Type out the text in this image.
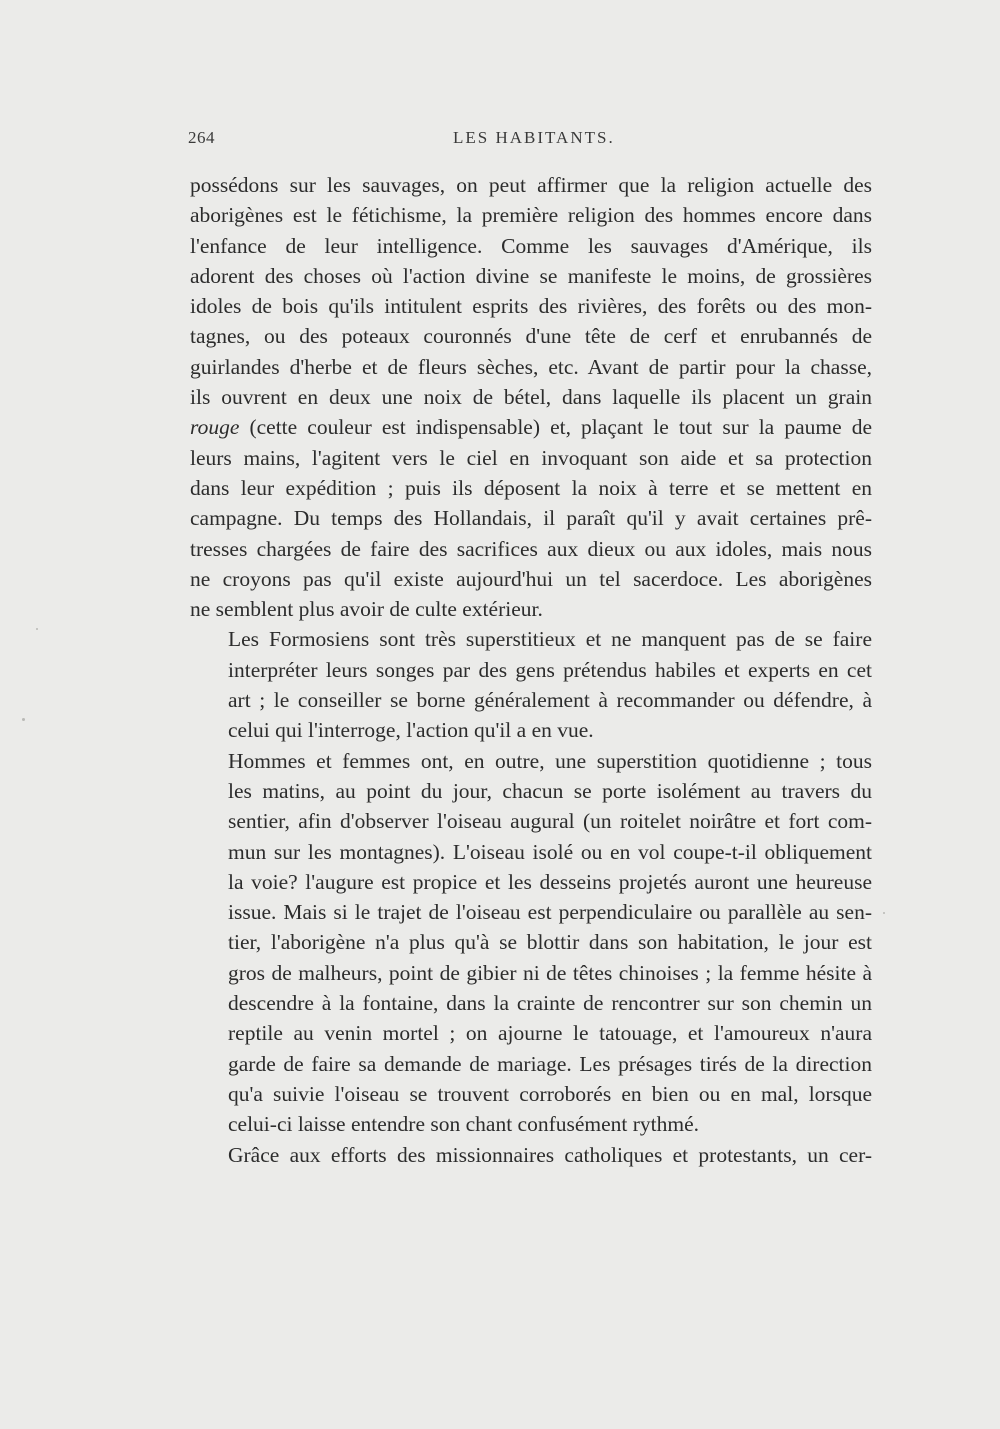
264	LES HABITANTS.

possédons sur les sauvages, on peut affirmer que la religion actuelle des
aborigènes est le fétichisme, la première religion des hommes encore dans
l'enfance de leur intelligence. Comme les sauvages d'Amérique, ils
adorent des choses où l'action divine se manifeste le moins, de grossières
idoles de bois qu'ils intitulent esprits des rivières, des forêts ou des mon-
tagnes, ou des poteaux couronnés d'une tête de cerf et enrubannés de
guirlandes d'herbe et de fleurs sèches, etc. Avant de partir pour la chasse,
ils ouvrent en deux une noix de bétel, dans laquelle ils placent un grain
rouge (cette couleur est indispensable) et, plaçant le tout sur la paume de
leurs mains, l'agitent vers le ciel en invoquant son aide et sa protection
dans leur expédition ; puis ils déposent la noix à terre et se mettent en
campagne. Du temps des Hollandais, il paraît qu'il y avait certaines prê-
tresses chargées de faire des sacrifices aux dieux ou aux idoles, mais nous
ne croyons pas qu'il existe aujourd'hui un tel sacerdoce. Les aborigènes
ne semblent plus avoir de culte extérieur.

Les Formosiens sont très superstitieux et ne manquent pas de se faire
interpréter leurs songes par des gens prétendus habiles et experts en cet
art ; le conseiller se borne généralement à recommander ou défendre, à
celui qui l'interroge, l'action qu'il a en vue.

Hommes et femmes ont, en outre, une superstition quotidienne ; tous
les matins, au point du jour, chacun se porte isolément au travers du
sentier, afin d'observer l'oiseau augural (un roitelet noirâtre et fort com-
mun sur les montagnes). L'oiseau isolé ou en vol coupe-t-il obliquement
la voie? l'augure est propice et les desseins projetés auront une heureuse
issue. Mais si le trajet de l'oiseau est perpendiculaire ou parallèle au sen-
tier, l'aborigène n'a plus qu'à se blottir dans son habitation, le jour est
gros de malheurs, point de gibier ni de têtes chinoises ; la femme hésite à
descendre à la fontaine, dans la crainte de rencontrer sur son chemin un
reptile au venin mortel ; on ajourne le tatouage, et l'amoureux n'aura
garde de faire sa demande de mariage. Les présages tirés de la direction
qu'a suivie l'oiseau se trouvent corroborés en bien ou en mal, lorsque
celui-ci laisse entendre son chant confusément rythmé.

Grâce aux efforts des missionnaires catholiques et protestants, un cer-
